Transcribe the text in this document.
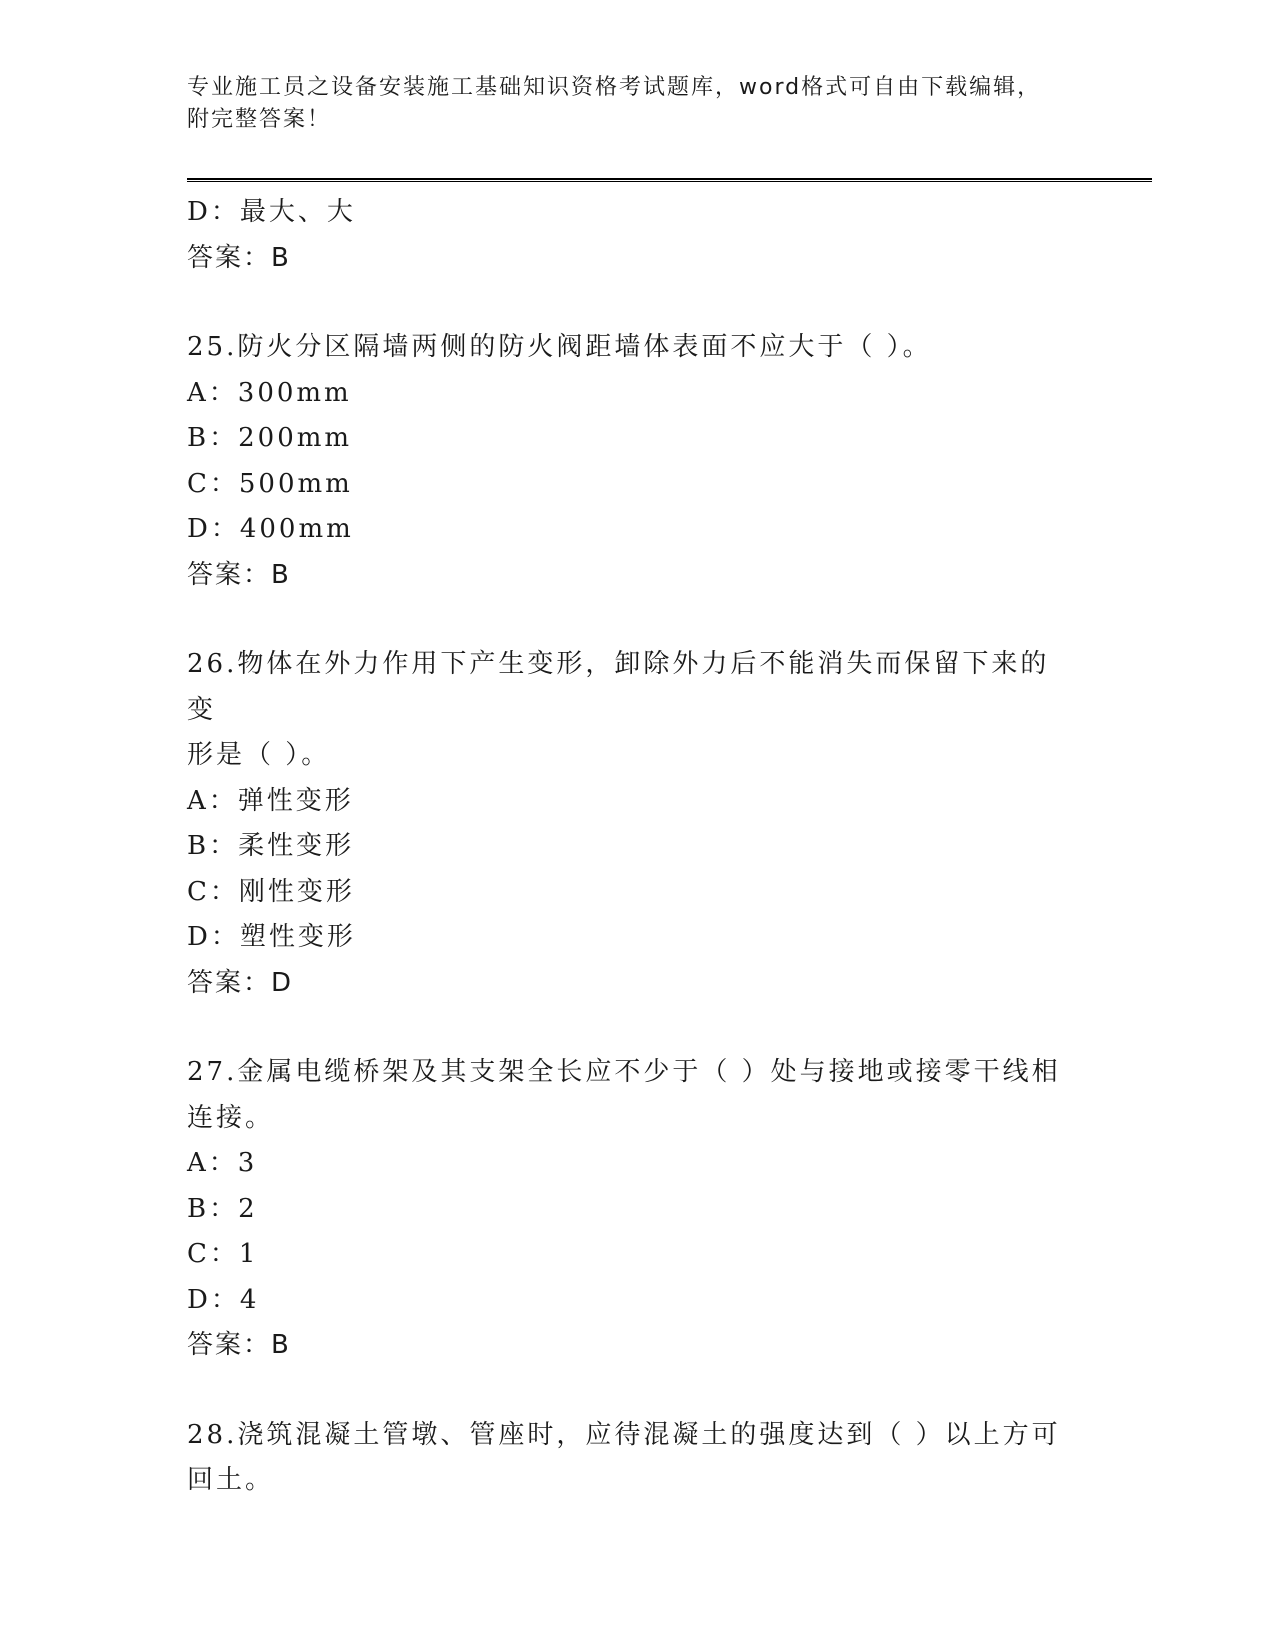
专业施工员之设备安装施工基础知识资格考试题库，word格式可自由下载编辑，
附完整答案！
D：最大、大
答案：B
25.防火分区隔墙两侧的防火阀距墙体表面不应大于（ ）。
A：300mm
B：200mm
C：500mm
D：400mm
答案：B
26.物体在外力作用下产生变形，卸除外力后不能消失而保留下来的变
形是（ ）。
A：弹性变形
B：柔性变形
C：刚性变形
D：塑性变形
答案：D
27.金属电缆桥架及其支架全长应不少于（ ）处与接地或接零干线相
连接。
A：3
B：2
C：1
D：4
答案：B
28.浇筑混凝土管墩、管座时，应待混凝土的强度达到（ ）以上方可
回土。
